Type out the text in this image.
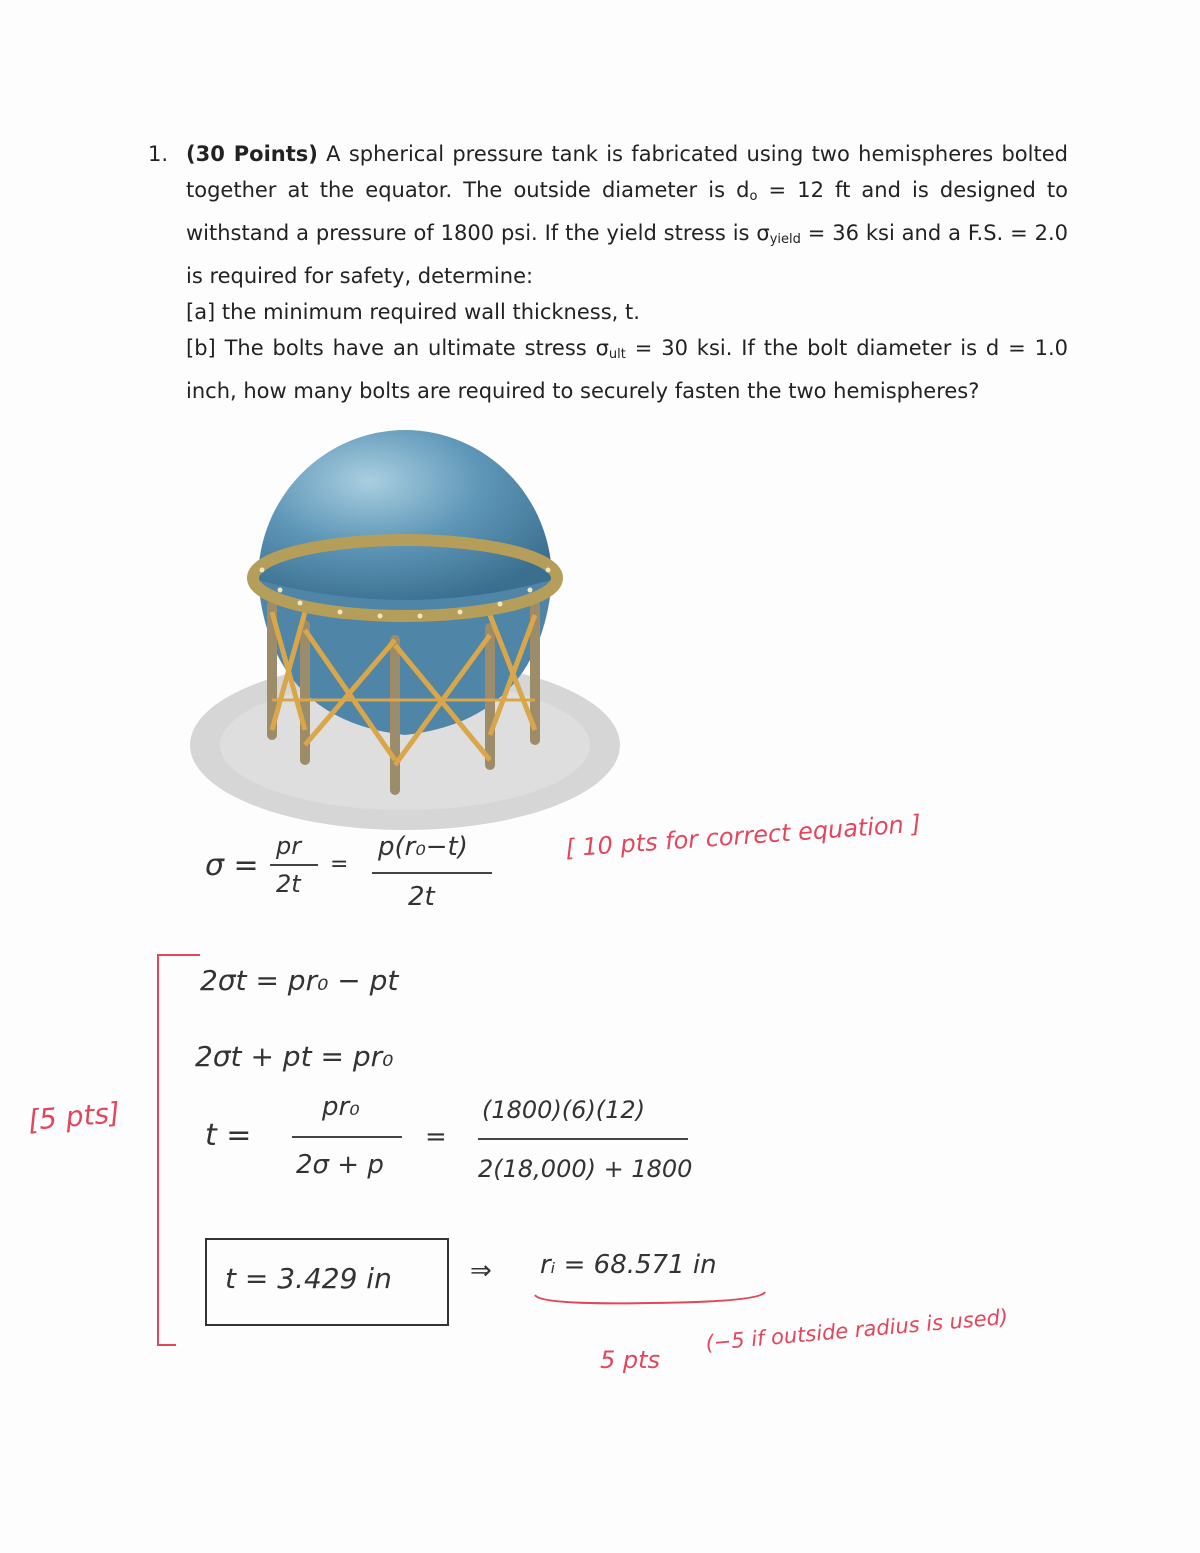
1. (30 Points) A spherical pressure tank is fabricated using two hemispheres bolted together at the equator. The outside diameter is $d_o = 12$ ft and is designed to withstand a pressure of 1800 psi. If the yield stress is $\sigma_{yield} = 36$ ksi and a F.S. = 2.0 is required for safety, determine:
[a] the minimum required wall thickness, t.
[b] The bolts have an ultimate stress $\sigma_{ult} = 30$ ksi. If the bolt diameter is d = 1.0 inch, how many bolts are required to securely fasten the two hemispheres?
σ =
pr
2t
=
p(r₀−t)
2t
[ 10 pts for correct equation ]
[5 pts]
2σt = pr₀ − pt
2σt + pt = pr₀
t =
pr₀
2σ + p
=
(1800)(6)(12)
2(18,000) + 1800
t = 3.429 in	⇒ rᵢ = 68.571 in
5 pts
(−5 if outside radius is used)
